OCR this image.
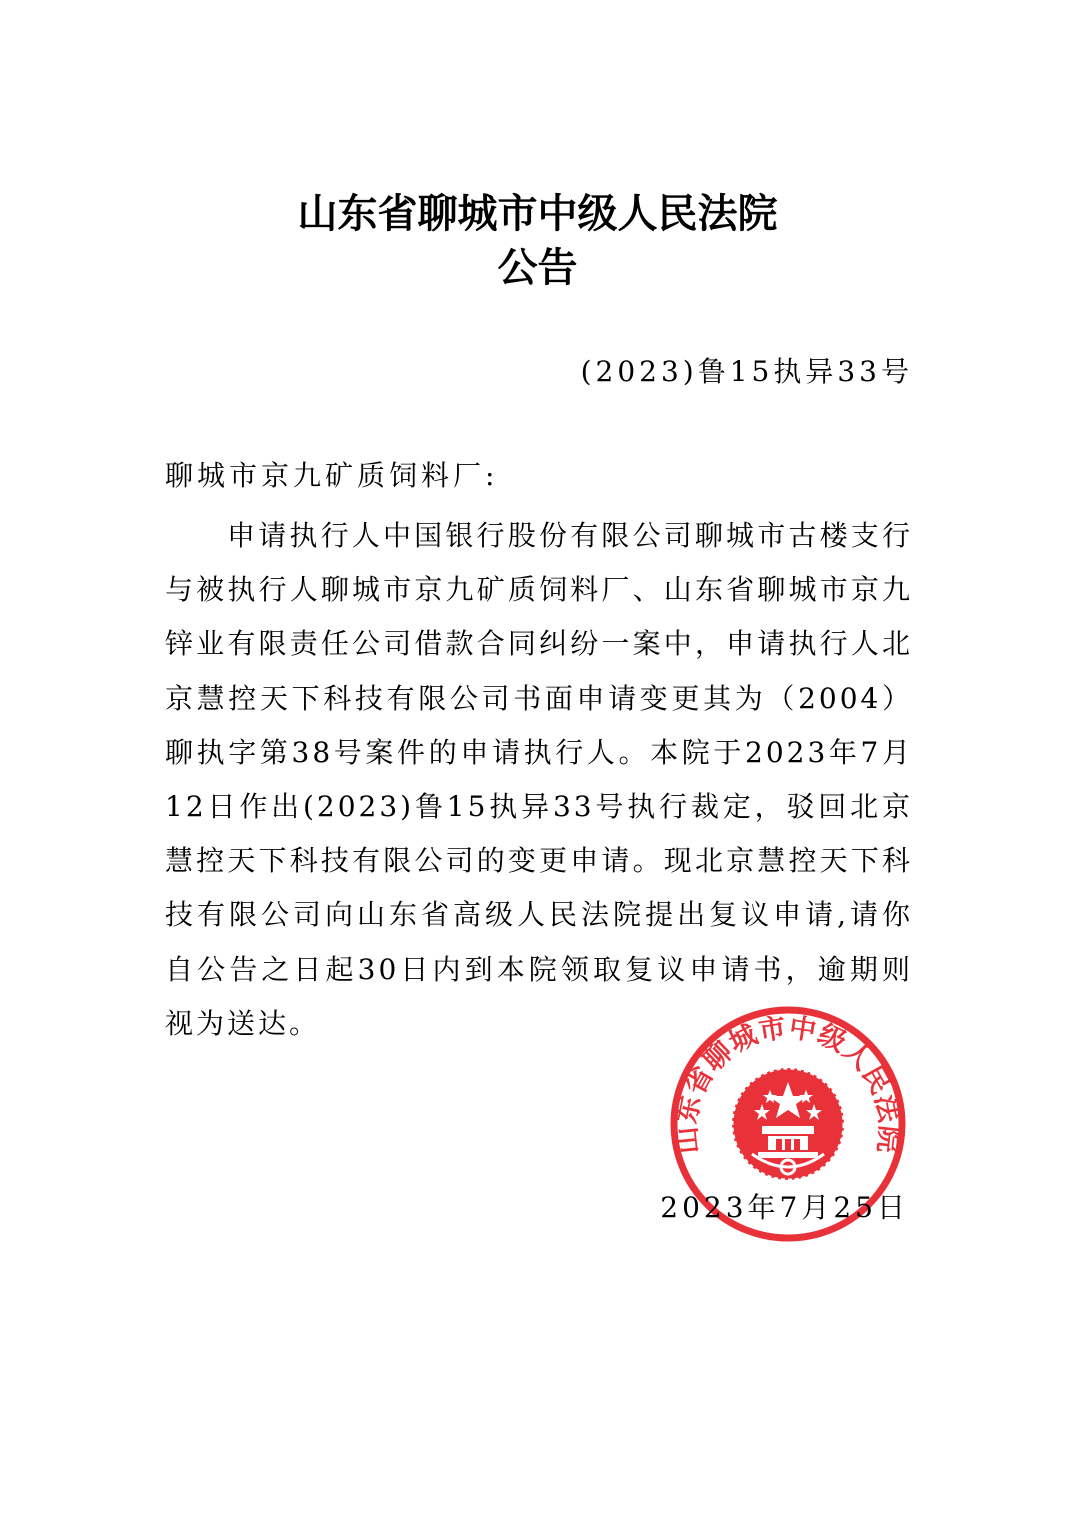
山东省聊城市中级人民法院
公告
(2023)鲁15执异33号
聊城市京九矿质饲料厂:
申请执行人中国银行股份有限公司聊城市古楼支行与被执行人聊城市京九矿质饲料厂、山东省聊城市京九锌业有限责任公司借款合同纠纷一案中，申请执行人北京慧控天下科技有限公司书面申请变更其为（2004）聊执字第38号案件的申请执行人。本院于2023年7月12日作出(2023)鲁15执异33号执行裁定，驳回北京慧控天下科技有限公司的变更申请。现北京慧控天下科技有限公司向山东省高级人民法院提出复议申请,请你自公告之日起30日内到本院领取复议申请书，逾期则视为送达。
山东省聊城市中级人民法院
2023年7月25日
